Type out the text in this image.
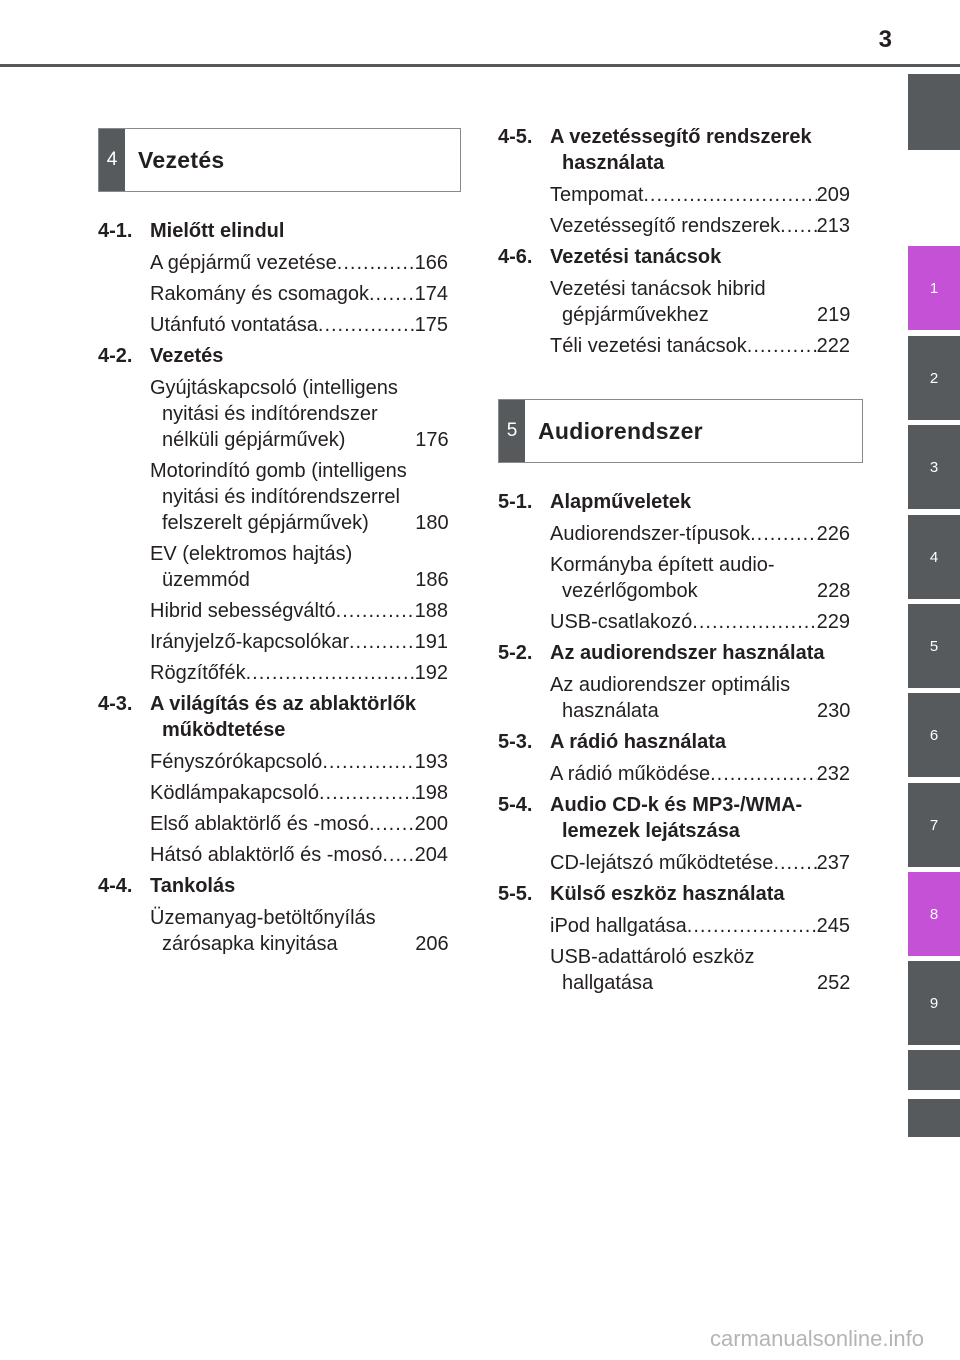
3
1
2
3
4
5
6
7
8
9
4 Vezetés
4-1. Mielőtt elindul
A gépjármű vezetése .....	166
Rakomány és csomagok ..... 174
Utánfutó vontatása .....	175
4-2. Vezetés
Gyújtáskapcsoló (intelligens nyitási és indítórendszer nélküli gépjárművek)	176
Motorindító gomb (intelligens nyitási és indítórendszerrel felszerelt gépjárművek)	180
EV (elektromos hajtás) üzemmód	186
Hibrid sebességváltó .....	188
Irányjelző-kapcsolókar .....	191
Rögzítőfék .....	192
4-3. A világítás és az ablaktörlők működtetése
Fényszórókapcsoló .....	193
Ködlámpakapcsoló .....	198
Első ablaktörlő és -mosó ..... 200
Hátsó ablaktörlő és -mosó ..... 204
4-4. Tankolás
Üzemanyag-betöltőnyílás zárósapka kinyitása	206
4-5. A vezetéssegítő rendszerek használata
Tempomat .....	209
Vezetéssegítő rendszerek ..... 213
4-6. Vezetési tanácsok
Vezetési tanácsok hibrid gépjárművekhez	219
Téli vezetési tanácsok .....	222
5 Audiorendszer
5-1. Alapműveletek
Audiorendszer-típusok .....	226
Kormányba épített audio-vezérlőgombok	228
USB-csatlakozó .....	229
5-2. Az audiorendszer használata
Az audiorendszer optimális használata	230
5-3. A rádió használata
A rádió működése .....	232
5-4. Audio CD-k és MP3-/WMA-lemezek lejátszása
CD-lejátszó működtetése ..... 237
5-5. Külső eszköz használata
iPod hallgatása .....	245
USB-adattároló eszköz hallgatása	252
carmanualsonline.info
